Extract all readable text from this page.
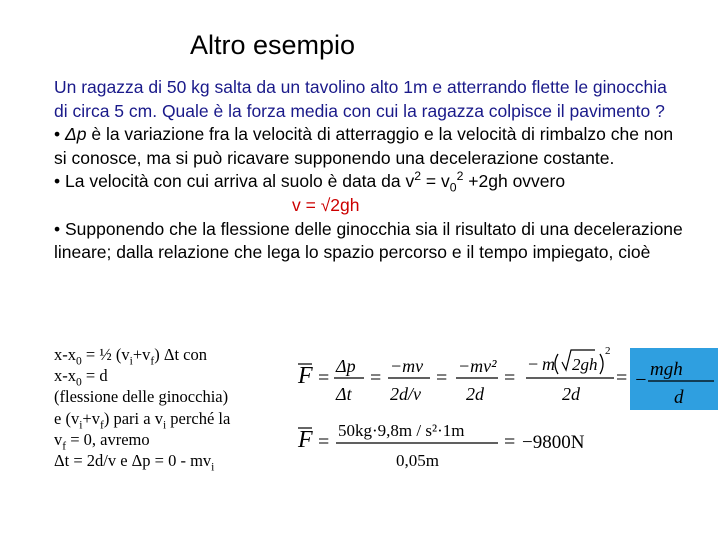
Altro esempio

Un ragazza di 50 kg salta da un tavolino alto 1m e atterrando flette le ginocchia di circa 5 cm. Quale è la forza media con cui la ragazza colpisce il pavimento ?

• Δp è la variazione fra la velocità di atterraggio e la velocità di rimbalzo che non si conosce, ma si può ricavare supponendo una decelerazione costante.

• La velocità con cui arriva al suolo è data da $v^2 = v_0^2 +2gh$ ovvero

v = √2gh

• Supponendo che la flessione delle ginocchia sia il risultato di una decelerazione lineare; dalla relazione che lega lo spazio percorso e il tempo impiegato, cioè

$x-x_0$ = ½ $(v_i+v_f)$ Δt con
$x-x_0 = d$
(flessione delle ginocchia)
e $(v_i+v_f)$ pari a $v_i$ perché la
$v_f = 0$, avremo
Δt = 2d/v e $\Delta p = 0 - mv_i$
F =
Δp
Δt
=
−mv
2d/v
=
−mv²
2d
=
− m 2gh
2
2d
= − mgh
d
F =
50kg·9,8m / s²·1m
0,05m
= −9800N
